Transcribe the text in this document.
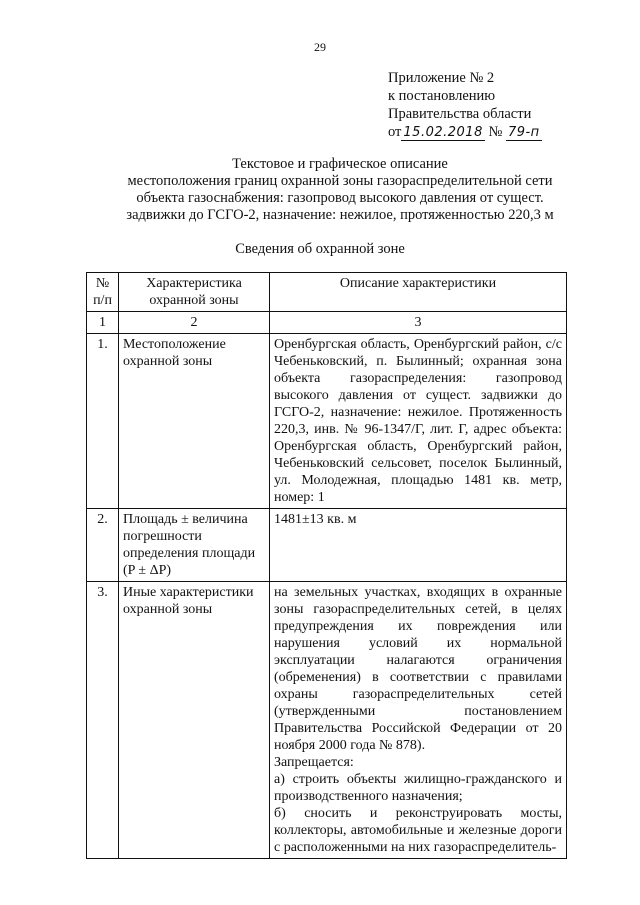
29
Приложение № 2
к постановлению
Правительства области
от 15.02.2018 № 79-п
Текстовое и графическое описание
местоположения границ охранной зоны газораспределительной сети
объекта газоснабжения: газопровод высокого давления от сущест.
задвижки до ГСГО-2, назначение: нежилое, протяженностью 220,3 м
Сведения об охранной зоне
№ п/п	Характеристика охранной зоны	Описание характеристики
1	2	3
1.	Местоположение охранной зоны	Оренбургская область, Оренбургский район, с/с Чебеньковский, п. Былинный; охранная зона объекта газораспределения: газопровод высокого давления от сущест. задвижки до ГСГО-2, назначение: нежилое. Протяженность 220,3, инв. № 96-1347/Г, лит. Г, адрес объекта: Оренбургская область, Оренбургский район, Чебеньковский сельсовет, поселок Былинный, ул. Молодежная, площадью 1481 кв. метр, номер: 1
2.	Площадь ± величина погрешности определения площади (P ± ΔP)	1481±13 кв. м
3.	Иные характеристики охранной зоны	на земельных участках, входящих в охранные зоны газораспределительных сетей, в целях предупреждения их повреждения или нарушения условий их нормальной эксплуатации налагаются ограничения (обременения) в соответствии с правилами охраны газораспределительных сетей (утвержденными постановлением Правительства Российской Федерации от 20 ноября 2000 года № 878).
Запрещается:
а) строить объекты жилищно-гражданского и производственного назначения;
б) сносить и реконструировать мосты, коллекторы, автомобильные и железные дороги с расположенными на них газораспределитель-
